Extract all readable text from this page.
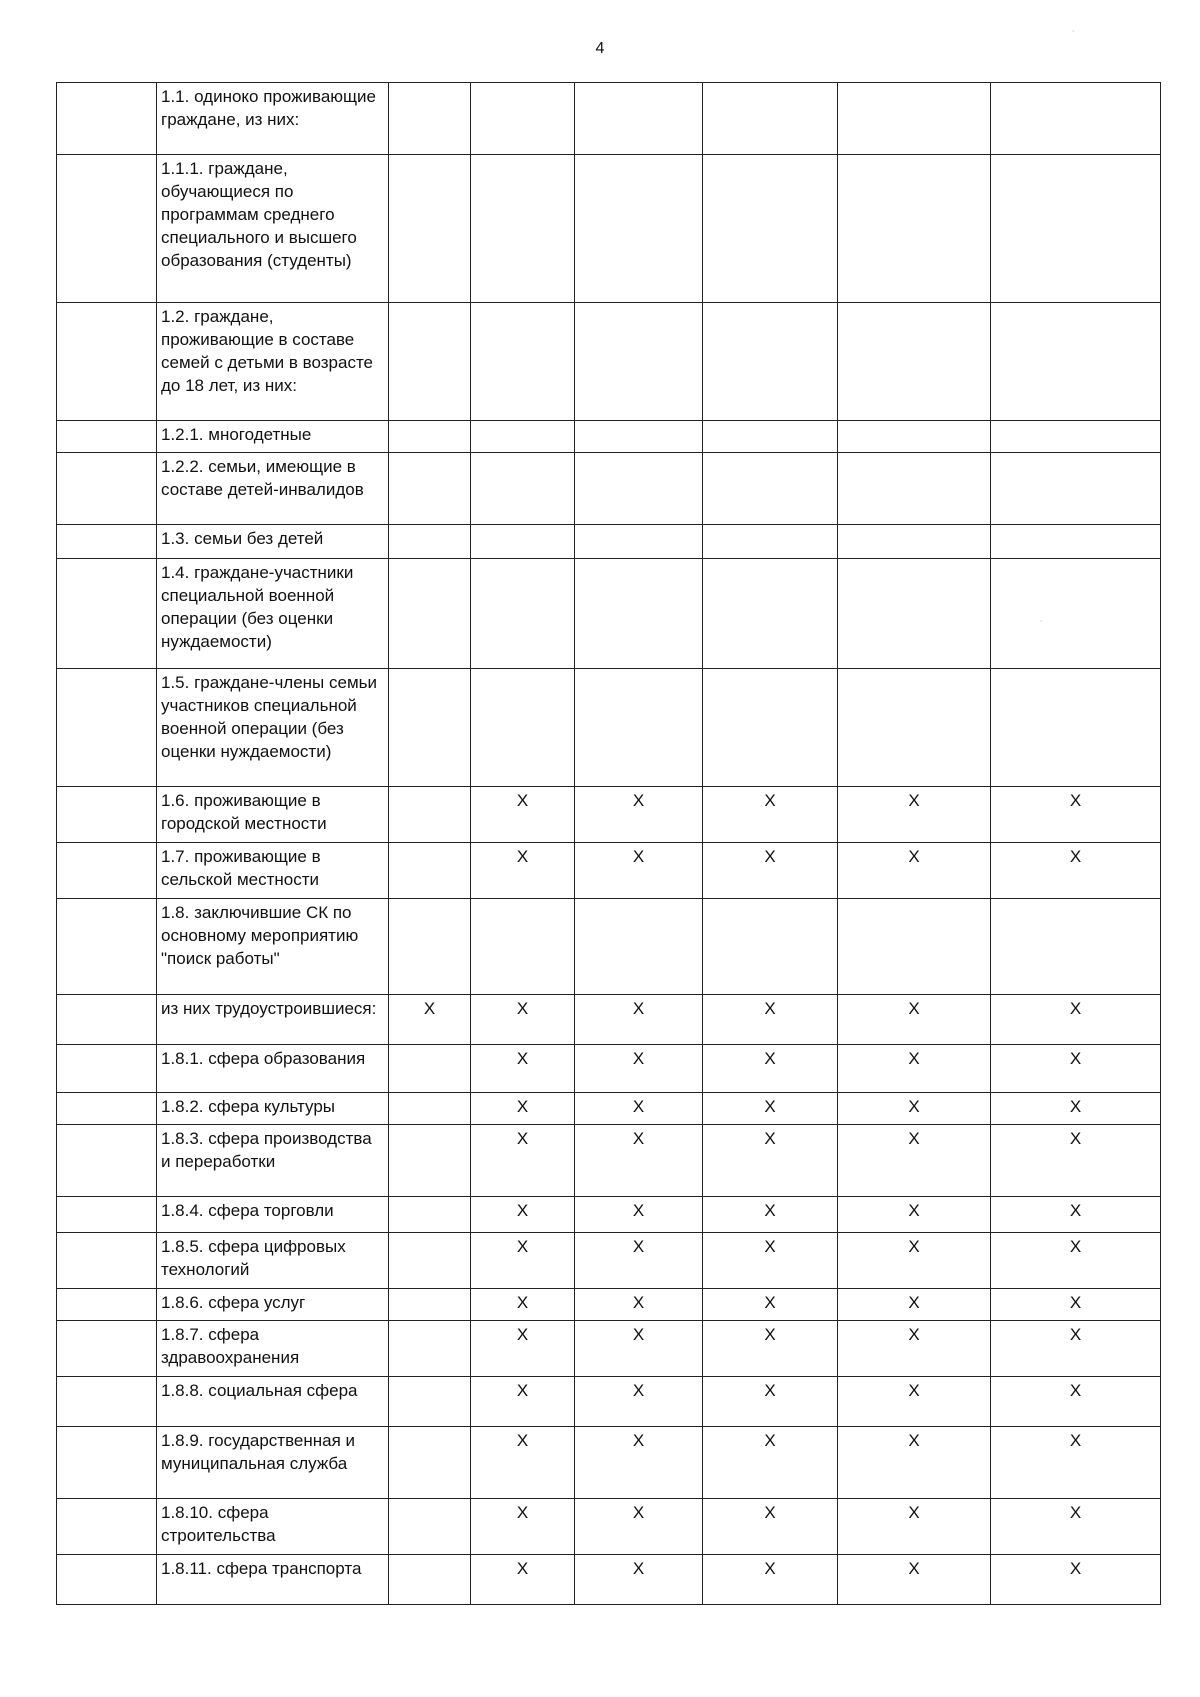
4
	1.1. одиноко проживающие граждане, из них:						
	1.1.1. граждане, обучающиеся по программам среднего специального и высшего образования (студенты)						
	1.2. граждане, проживающие в составе семей с детьми в возрасте до 18 лет, из них:						
	1.2.1. многодетные						
	1.2.2. семьи, имеющие в составе детей-инвалидов						
	1.3. семьи без детей						
	1.4. граждане-участники специальной военной операции (без оценки нуждаемости)						
	1.5. граждане-члены семьи участников специальной военной операции (без оценки нуждаемости)						
	1.6. проживающие в городской местности		X	X	X	X	X
	1.7. проживающие в сельской местности		X	X	X	X	X
	1.8. заключившие СК по основному мероприятию "поиск работы"						
	из них трудоустроившиеся:	X	X	X	X	X	X
	1.8.1. сфера образования		X	X	X	X	X
	1.8.2. сфера культуры		X	X	X	X	X
	1.8.3. сфера производства и переработки		X	X	X	X	X
	1.8.4. сфера торговли		X	X	X	X	X
	1.8.5. сфера цифровых технологий		X	X	X	X	X
	1.8.6. сфера услуг		X	X	X	X	X
	1.8.7. сфера здравоохранения		X	X	X	X	X
	1.8.8. социальная сфера		X	X	X	X	X
	1.8.9. государственная и муниципальная служба		X	X	X	X	X
	1.8.10. сфера строительства		X	X	X	X	X
	1.8.11. сфера транспорта		X	X	X	X	X
˙
˙
